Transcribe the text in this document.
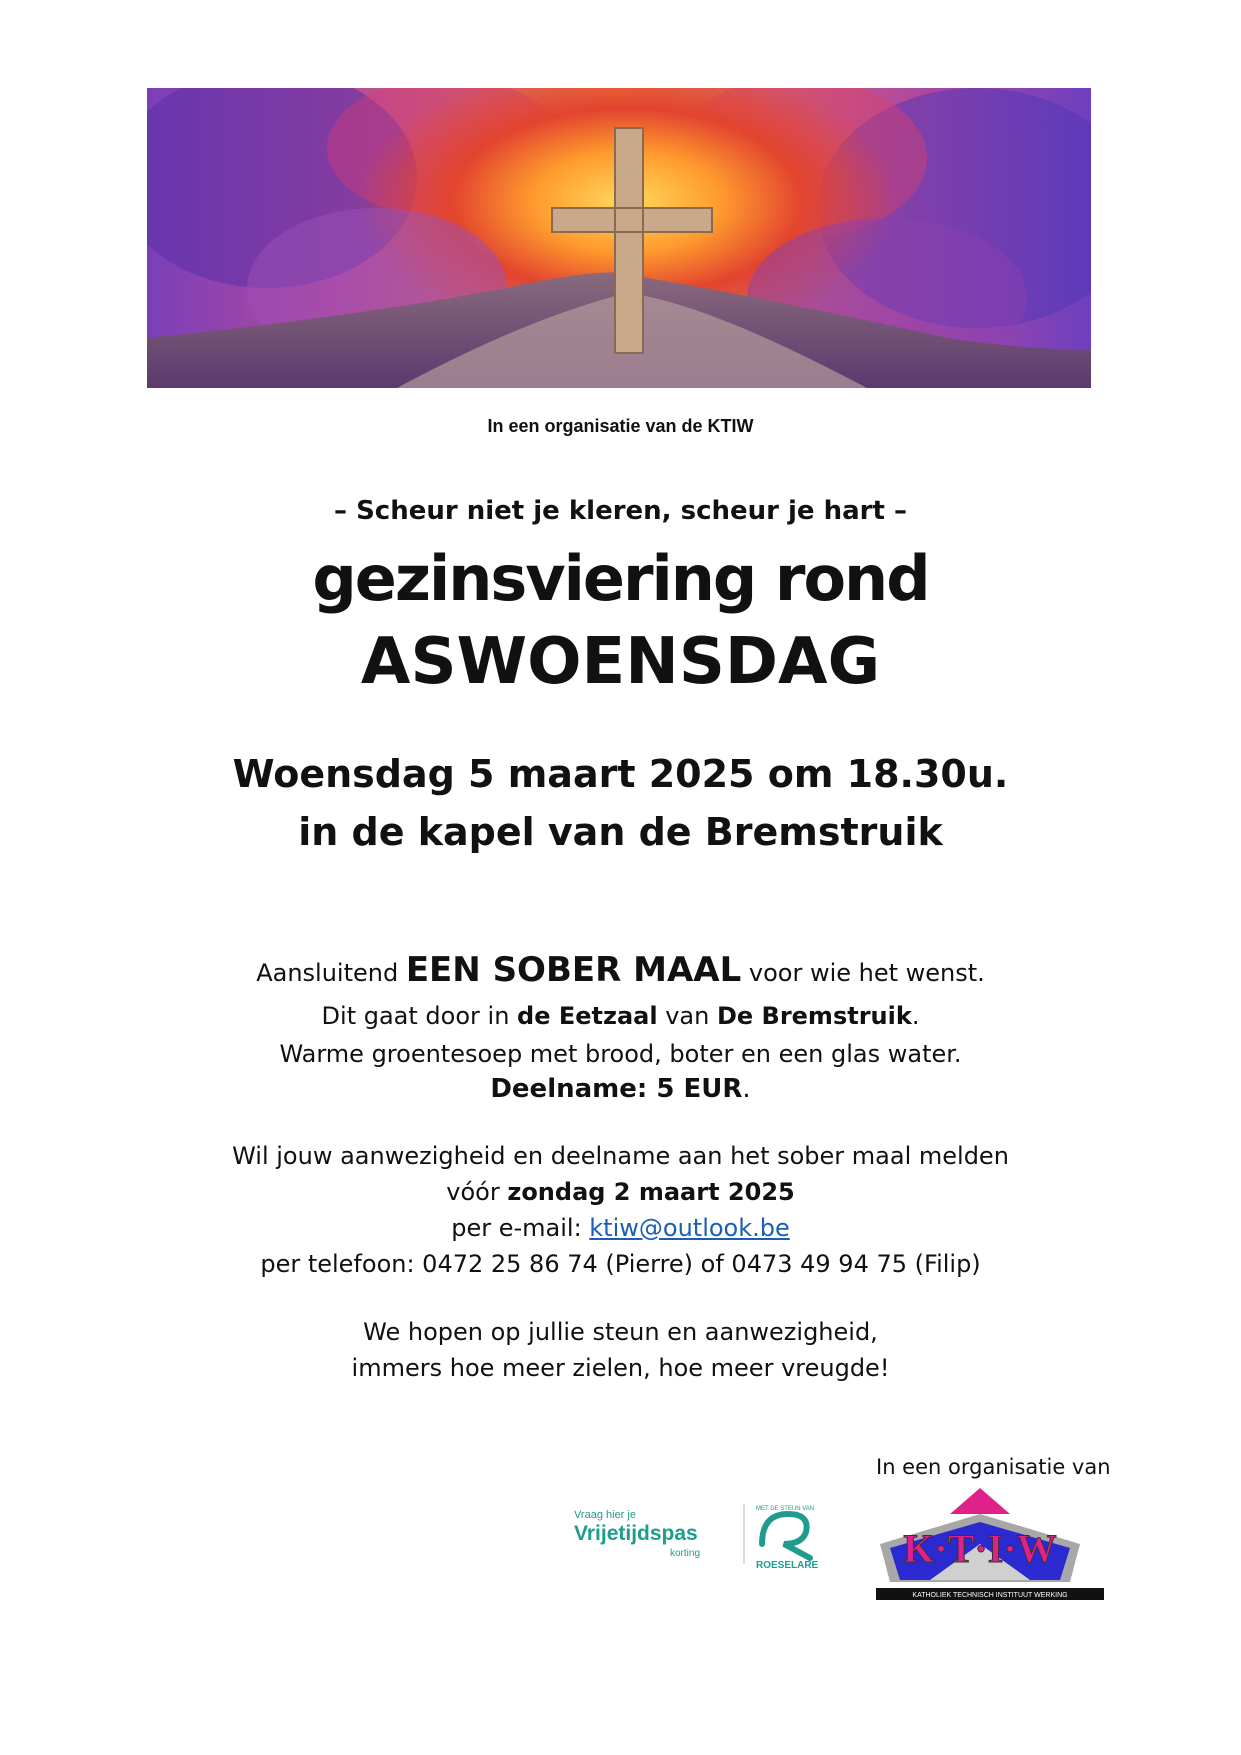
In een organisatie van de KTIW
– Scheur niet je kleren, scheur je hart –
gezinsviering rond
ASWOENSDAG
Woensdag 5 maart 2025 om 18.30u.
in de kapel van de Bremstruik
Aansluitend EEN SOBER MAAL voor wie het wenst.
Dit gaat door in de Eetzaal van De Bremstruik.
Warme groentesoep met brood, boter en een glas water.
Deelname: 5 EUR.
Wil jouw aanwezigheid en deelname aan het sober maal melden
vóór zondag 2 maart 2025
per e-mail: ktiw@outlook.be
per telefoon: 0472 25 86 74 (Pierre) of 0473 49 94 75 (Filip)
We hopen op jullie steun en aanwezigheid,
immers hoe meer zielen, hoe meer vreugde!
In een organisatie van
Vraag hier je
Vrijetijdspas
korting
MET DE STEUN VAN
ROESELARE K·T·I·W
KATHOLIEK TECHNISCH INSTITUUT WERKING
